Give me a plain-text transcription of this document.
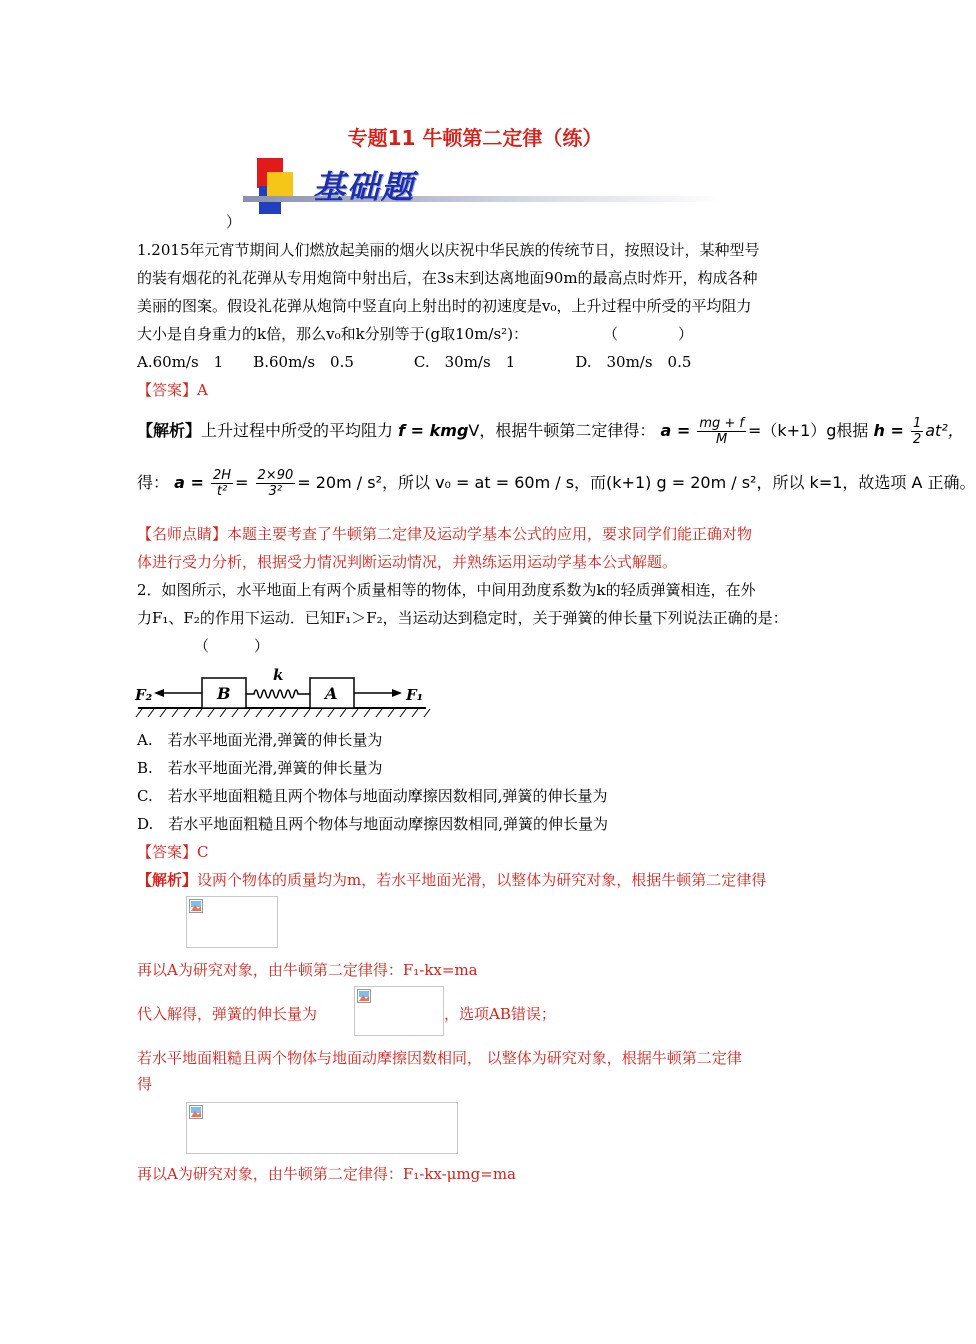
专题11 牛顿第二定律（练）
基础题
）
1.2015年元宵节期间人们燃放起美丽的烟火以庆祝中华民族的传统节日，按照设计，某种型号
的装有烟花的礼花弹从专用炮筒中射出后，在3s末到达离地面90m的最高点时炸开，构成各种
美丽的图案。假设礼花弹从炮筒中竖直向上射出时的初速度是v₀，上升过程中所受的平均阻力
大小是自身重力的k倍，那么v₀和k分别等于(g取10m/s²)：　　　　　　（　　　　）
A.60m/s　1　　B.60m/s　0.5　　　　C.　30m/s　1　　　　D.　30m/s　0.5
【答案】A
【解析】上升过程中所受的平均阻力 f = kmgV，根据牛顿第二定律得： $a = \frac{mg + f}{M} =(k+1)g$根据 $h = \frac{1}{2} at^2$，
得： $a = \frac{2H}{\text{t²}} = \frac{2\times 90}{\text{3²}} = 20m / s^2$，所以 v₀ = at = 60m / s，而(k+1) g = 20m / s²，所以 k=1，故选项 A 正确。
【名师点睛】本题主要考查了牛顿第二定律及运动学基本公式的应用，要求同学们能正确对物
体进行受力分析，根据受力情况判断运动情况，并熟练运用运动学基本公式解题。
2．如图所示，水平地面上有两个质量相等的物体，中间用劲度系数为k的轻质弹簧相连，在外
力F₁、F₂的作用下运动．已知F₁＞F₂，当运动达到稳定时，关于弹簧的伸长量下列说法正确的是：
（　　　）
F₂	B
k
A	F₁
A.　若水平地面光滑,弹簧的伸长量为
B.　若水平地面光滑,弹簧的伸长量为
C.　若水平地面粗糙且两个物体与地面动摩擦因数相同,弹簧的伸长量为
D.　若水平地面粗糙且两个物体与地面动摩擦因数相同,弹簧的伸长量为
【答案】C
【解析】设两个物体的质量均为m，若水平地面光滑，以整体为研究对象，根据牛顿第二定律得
再以A为研究对象，由牛顿第二定律得：F₁-kx=ma
代入解得，弹簧的伸长量为	，选项AB错误；
若水平地面粗糙且两个物体与地面动摩擦因数相同， 以整体为研究对象，根据牛顿第二定律
得
再以A为研究对象，由牛顿第二定律得：F₁-kx-μmg=ma
